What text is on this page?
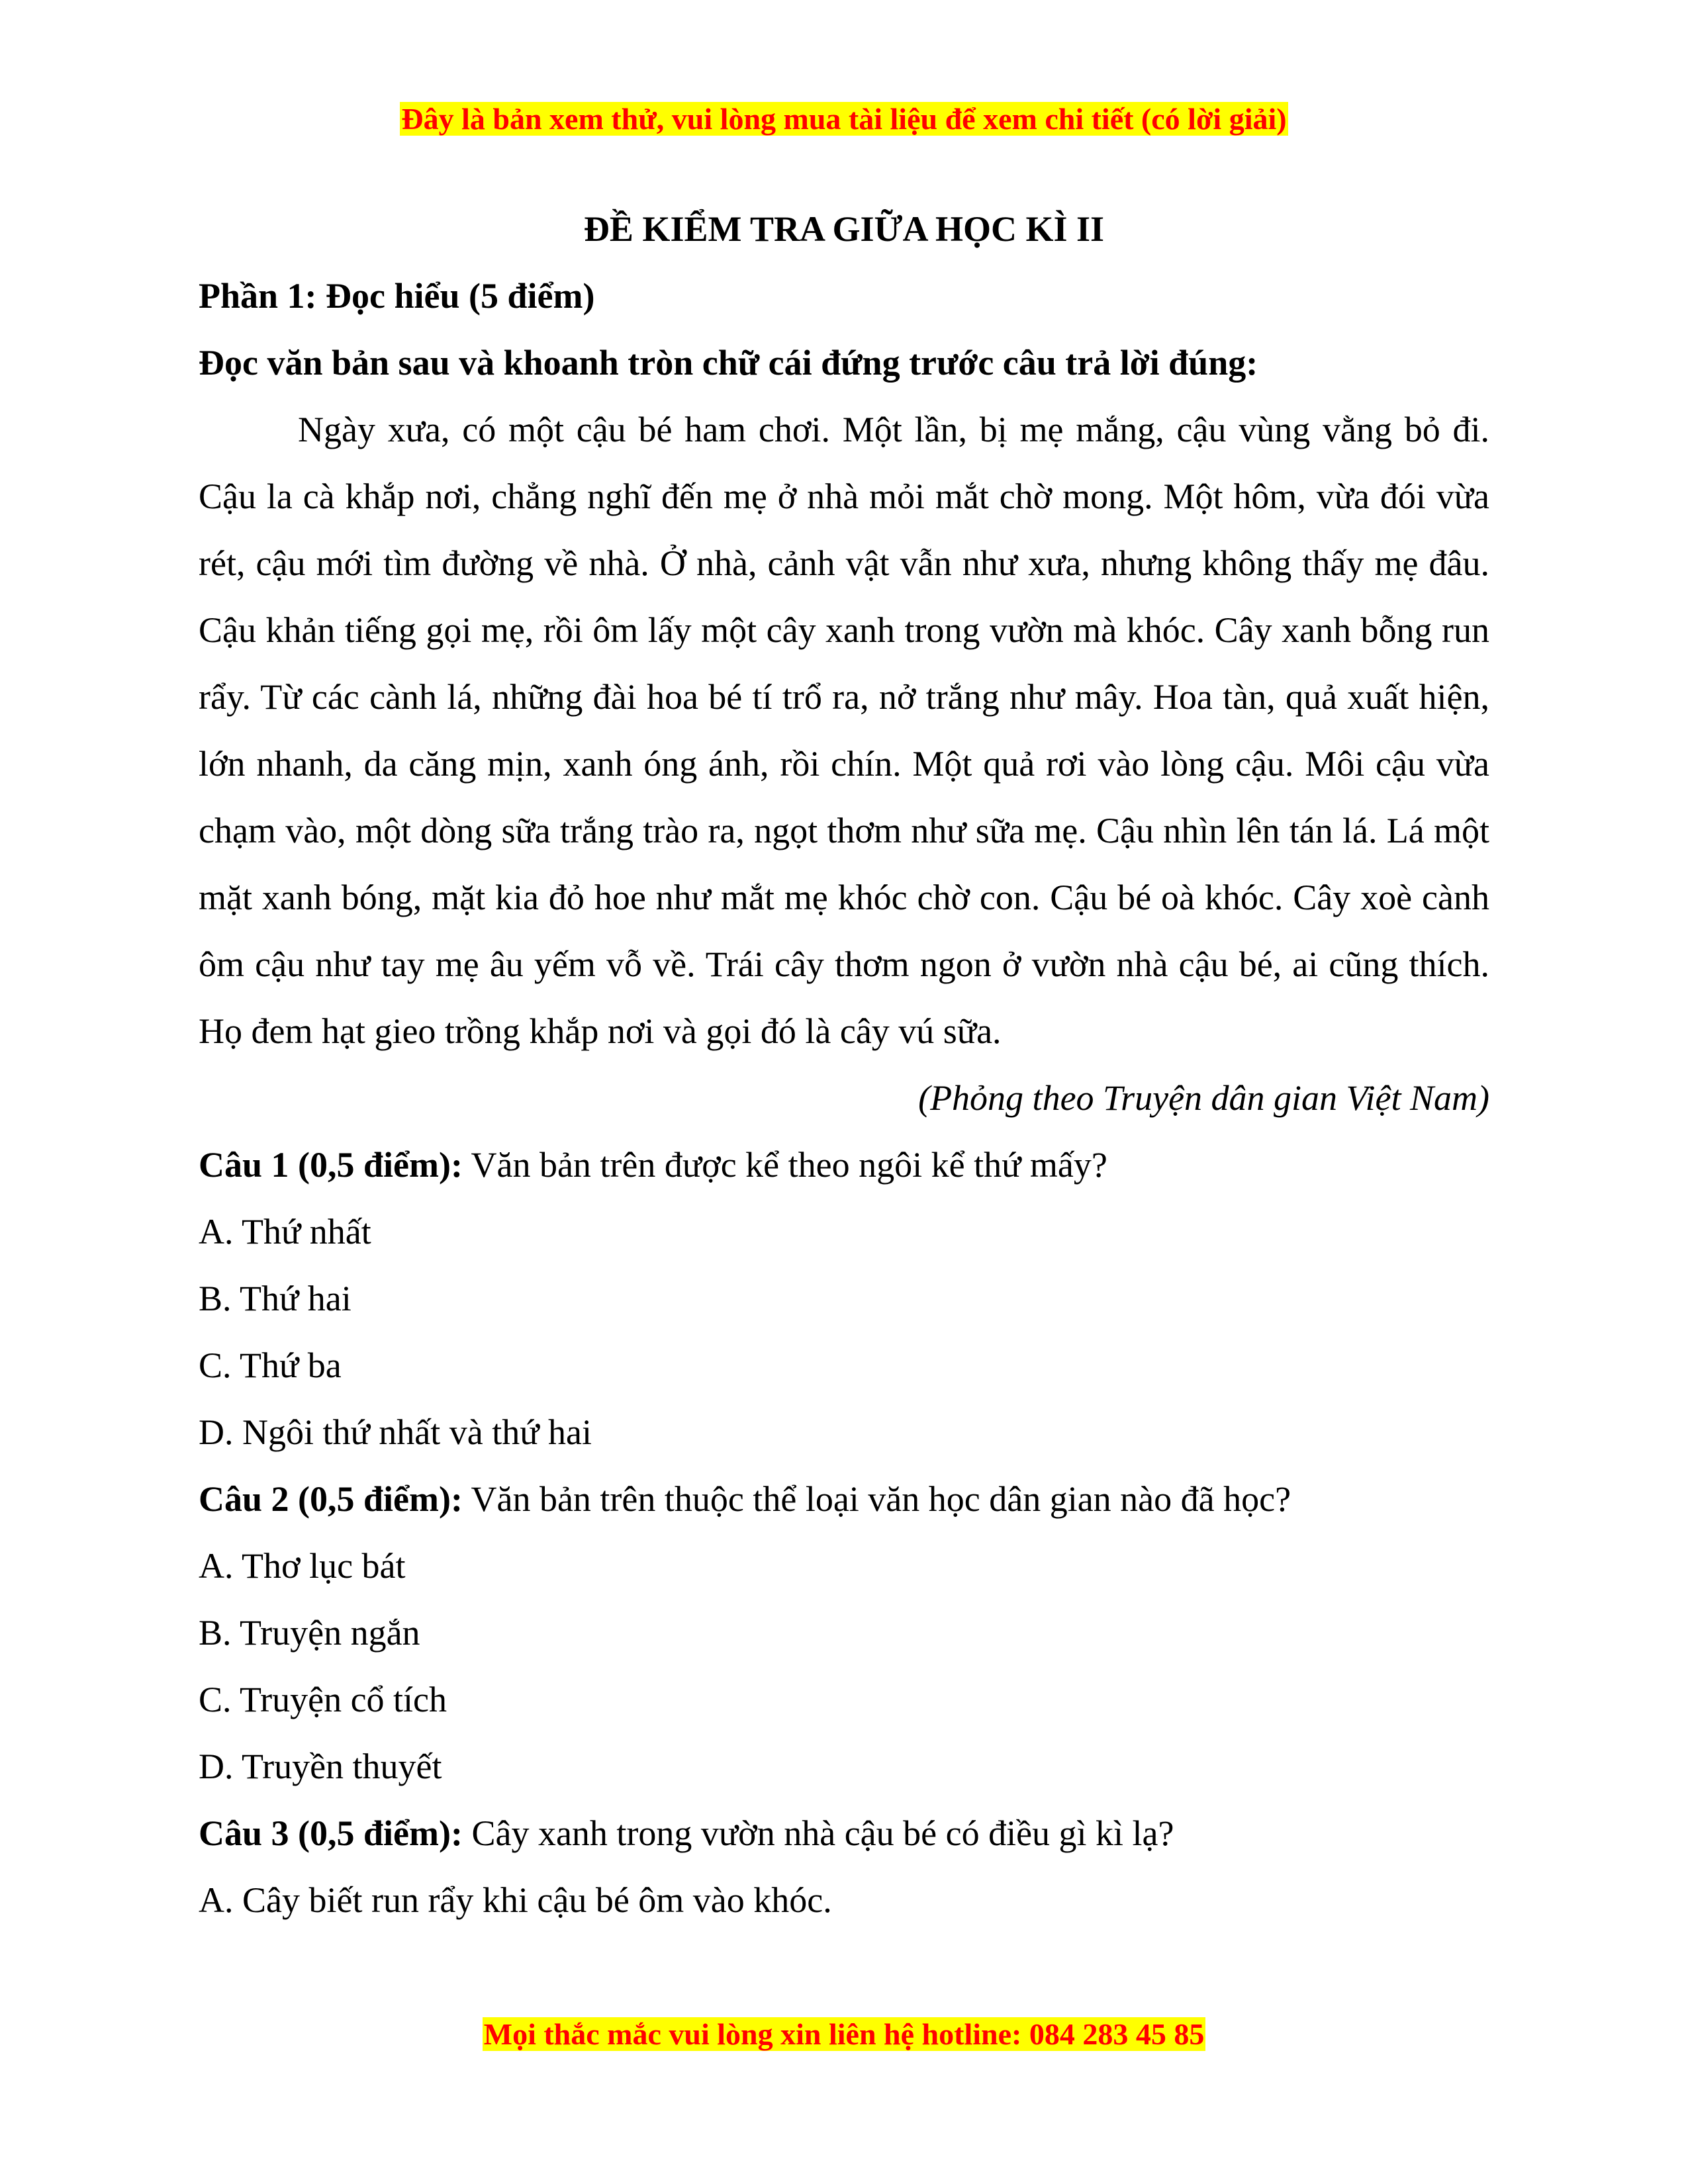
Đây là bản xem thử, vui lòng mua tài liệu để xem chi tiết (có lời giải)

ĐỀ KIỂM TRA GIỮA HỌC KÌ II

Phần 1: Đọc hiểu (5 điểm)

Đọc văn bản sau và khoanh tròn chữ cái đứng trước câu trả lời đúng:

Ngày xưa, có một cậu bé ham chơi. Một lần, bị mẹ mắng, cậu vùng vằng bỏ đi. Cậu la cà khắp nơi, chẳng nghĩ đến mẹ ở nhà mỏi mắt chờ mong. Một hôm, vừa đói vừa rét, cậu mới tìm đường về nhà. Ở nhà, cảnh vật vẫn như xưa, nhưng không thấy mẹ đâu. Cậu khản tiếng gọi mẹ, rồi ôm lấy một cây xanh trong vườn mà khóc. Cây xanh bỗng run rẩy. Từ các cành lá, những đài hoa bé tí trổ ra, nở trắng như mây. Hoa tàn, quả xuất hiện, lớn nhanh, da căng mịn, xanh óng ánh, rồi chín. Một quả rơi vào lòng cậu. Môi cậu vừa chạm vào, một dòng sữa trắng trào ra, ngọt thơm như sữa mẹ. Cậu nhìn lên tán lá. Lá một mặt xanh bóng, mặt kia đỏ hoe như mắt mẹ khóc chờ con. Cậu bé oà khóc. Cây xoè cành ôm cậu như tay mẹ âu yếm vỗ về. Trái cây thơm ngon ở vườn nhà cậu bé, ai cũng thích. Họ đem hạt gieo trồng khắp nơi và gọi đó là cây vú sữa.

(Phỏng theo Truyện dân gian Việt Nam)

Câu 1 (0,5 điểm): Văn bản trên được kể theo ngôi kể thứ mấy?

A. Thứ nhất

B. Thứ hai

C. Thứ ba

D. Ngôi thứ nhất và thứ hai

Câu 2 (0,5 điểm): Văn bản trên thuộc thể loại văn học dân gian nào đã học?

A. Thơ lục bát

B. Truyện ngắn

C. Truyện cổ tích

D. Truyền thuyết

Câu 3 (0,5 điểm): Cây xanh trong vườn nhà cậu bé có điều gì kì lạ?

A. Cây biết run rẩy khi cậu bé ôm vào khóc.

Mọi thắc mắc vui lòng xin liên hệ hotline: 084 283 45 85
